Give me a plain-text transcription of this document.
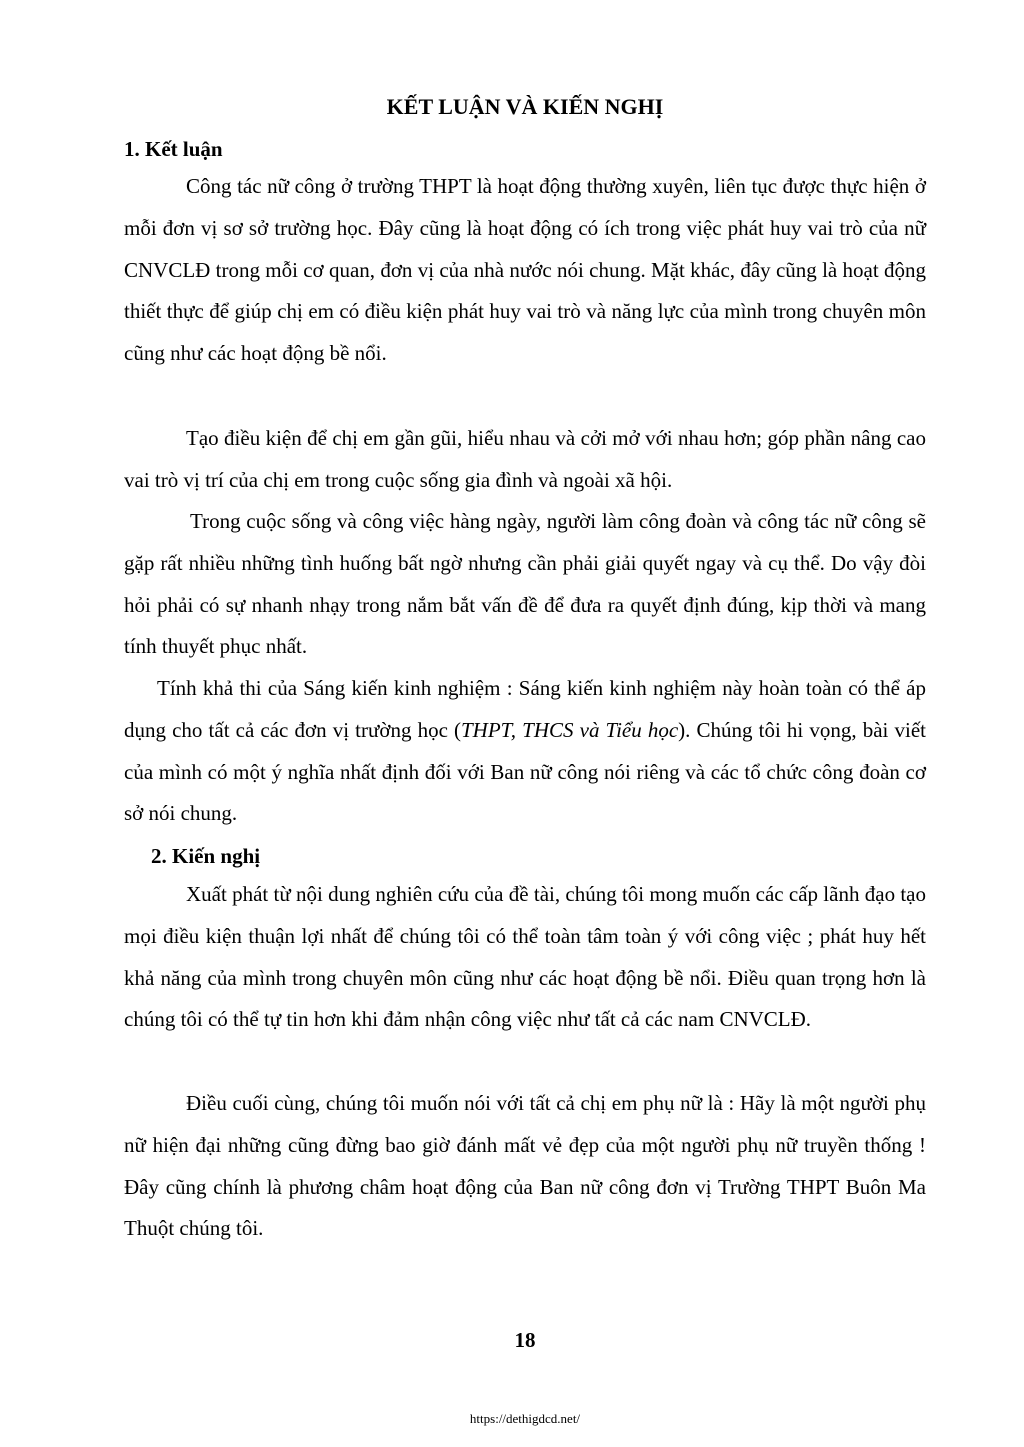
KẾT LUẬN VÀ KIẾN NGHỊ
1. Kết luận

Công tác nữ công ở trường THPT là hoạt động thường xuyên, liên tục được thực hiện ở mỗi đơn vị sơ sở trường học. Đây cũng là hoạt động có ích trong việc phát huy vai trò của nữ CNVCLĐ trong mỗi cơ quan, đơn vị của nhà nước nói chung. Mặt khác, đây cũng là hoạt động thiết thực để giúp chị em có điều kiện phát huy vai trò và năng lực của mình trong chuyên môn cũng như các hoạt động bề nổi.

Tạo điều kiện để chị em gần gũi, hiểu nhau và cởi mở với nhau hơn; góp phần nâng cao vai trò vị trí của chị em trong cuộc sống gia đình và ngoài xã hội.

Trong cuộc sống và công việc hàng ngày, người làm công đoàn và công tác nữ công sẽ gặp rất nhiều những tình huống bất ngờ nhưng cần phải giải quyết ngay và cụ thể. Do vậy đòi hỏi phải có sự nhanh nhạy trong nắm bắt vấn đề để đưa ra quyết định đúng, kịp thời và mang tính thuyết phục nhất.

Tính khả thi của Sáng kiến kinh nghiệm : Sáng kiến kinh nghiệm này hoàn toàn có thể áp dụng cho tất cả các đơn vị trường học (THPT, THCS và Tiểu học). Chúng tôi hi vọng, bài viết của mình có một ý nghĩa nhất định đối với Ban nữ công nói riêng và các tổ chức công đoàn cơ sở nói chung.

2. Kiến nghị

Xuất phát từ nội dung nghiên cứu của đề tài, chúng tôi mong muốn các cấp lãnh đạo tạo mọi điều kiện thuận lợi nhất để chúng tôi có thể toàn tâm toàn ý với công việc ; phát huy hết khả năng của mình trong chuyên môn cũng như các hoạt động bề nổi. Điều quan trọng hơn là chúng tôi có thể tự tin hơn khi đảm nhận công việc như tất cả các nam CNVCLĐ.

Điều cuối cùng, chúng tôi muốn nói với tất cả chị em phụ nữ là : Hãy là một người phụ nữ hiện đại những cũng đừng bao giờ đánh mất vẻ đẹp của một người phụ nữ truyền thống ! Đây cũng chính là phương châm hoạt động của Ban nữ công đơn vị Trường THPT Buôn Ma Thuột chúng tôi.

18
https://dethigdcd.net/
